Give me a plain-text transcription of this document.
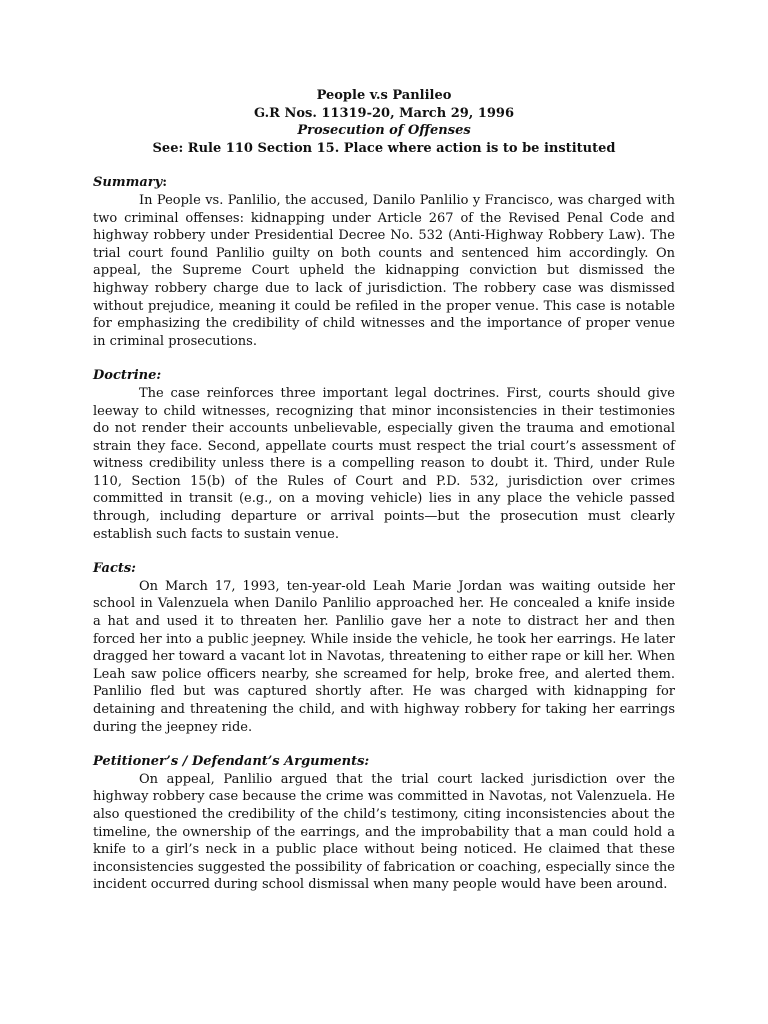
People v.s Panlileo
G.R Nos. 11319-20, March 29, 1996
Prosecution of Offenses
See: Rule 110 Section 15. Place where action is to be instituted
Summary:

In People vs. Panlilio, the accused, Danilo Panlilio y Francisco, was charged with two criminal offenses: kidnapping under Article 267 of the Revised Penal Code and highway robbery under Presidential Decree No. 532 (Anti-Highway Robbery Law). The trial court found Panlilio guilty on both counts and sentenced him accordingly. On appeal, the Supreme Court upheld the kidnapping conviction but dismissed the highway robbery charge due to lack of jurisdiction. The robbery case was dismissed without prejudice, meaning it could be refiled in the proper venue. This case is notable for emphasizing the credibility of child witnesses and the importance of proper venue in criminal prosecutions.

Doctrine:

The case reinforces three important legal doctrines. First, courts should give leeway to child witnesses, recognizing that minor inconsistencies in their testimonies do not render their accounts unbelievable, especially given the trauma and emotional strain they face. Second, appellate courts must respect the trial court’s assessment of witness credibility unless there is a compelling reason to doubt it. Third, under Rule 110, Section 15(b) of the Rules of Court and P.D. 532, jurisdiction over crimes committed in transit (e.g., on a moving vehicle) lies in any place the vehicle passed through, including departure or arrival points—but the prosecution must clearly establish such facts to sustain venue.

Facts:

On March 17, 1993, ten-year-old Leah Marie Jordan was waiting outside her school in Valenzuela when Danilo Panlilio approached her. He concealed a knife inside a hat and used it to threaten her. Panlilio gave her a note to distract her and then forced her into a public jeepney. While inside the vehicle, he took her earrings. He later dragged her toward a vacant lot in Navotas, threatening to either rape or kill her. When Leah saw police officers nearby, she screamed for help, broke free, and alerted them. Panlilio fled but was captured shortly after. He was charged with kidnapping for detaining and threatening the child, and with highway robbery for taking her earrings during the jeepney ride.

Petitioner’s / Defendant’s Arguments:

On appeal, Panlilio argued that the trial court lacked jurisdiction over the highway robbery case because the crime was committed in Navotas, not Valenzuela. He also questioned the credibility of the child’s testimony, citing inconsistencies about the timeline, the ownership of the earrings, and the improbability that a man could hold a knife to a girl’s neck in a public place without being noticed. He claimed that these inconsistencies suggested the possibility of fabrication or coaching, especially since the incident occurred during school dismissal when many people would have been around.
